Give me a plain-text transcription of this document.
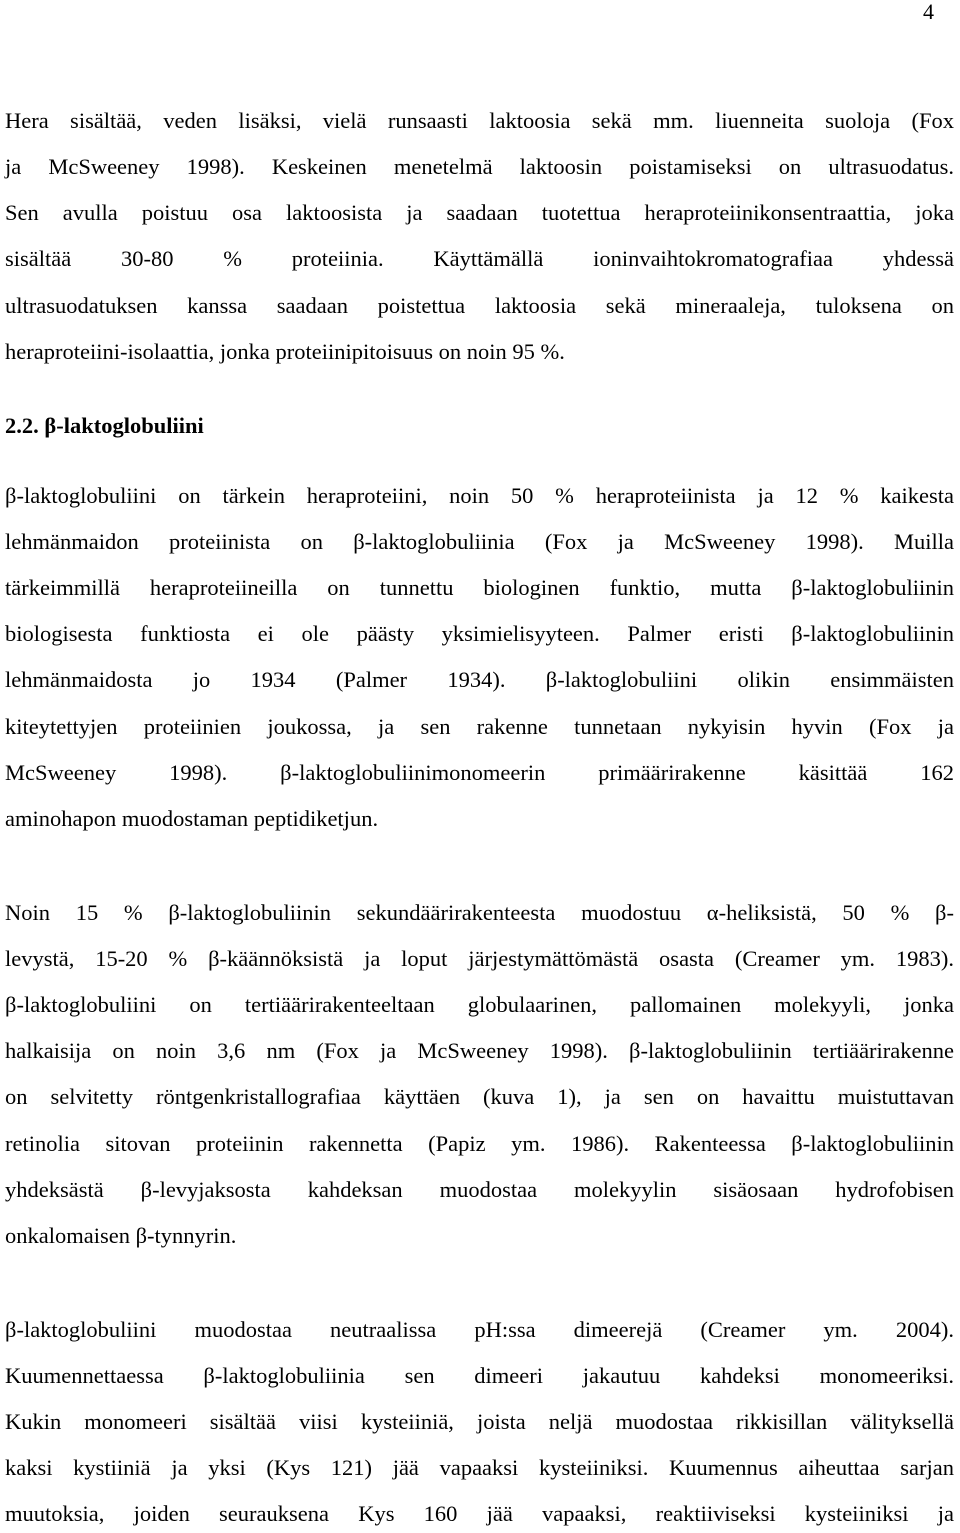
4
Hera sisältää, veden lisäksi, vielä runsaasti laktoosia sekä mm. liuenneita suoloja (Fox
ja McSweeney 1998). Keskeinen menetelmä laktoosin poistamiseksi on ultrasuodatus.
Sen avulla poistuu osa laktoosista ja saadaan tuotettua heraproteiinikonsentraattia, joka
sisältää 30-80 % proteiinia. Käyttämällä ioninvaihtokromatografiaa yhdessä
ultrasuodatuksen kanssa saadaan poistettua laktoosia sekä mineraaleja, tuloksena on
heraproteiini-isolaattia, jonka proteiinipitoisuus on noin 95 %.
2.2. β-laktoglobuliini
β-laktoglobuliini on tärkein heraproteiini, noin 50 % heraproteiinista ja 12 % kaikesta
lehmänmaidon proteiinista on β-laktoglobuliinia (Fox ja McSweeney 1998). Muilla
tärkeimmillä heraproteiineilla on tunnettu biologinen funktio, mutta β-laktoglobuliinin
biologisesta funktiosta ei ole päästy yksimielisyyteen. Palmer eristi β-laktoglobuliinin
lehmänmaidosta jo 1934 (Palmer 1934). β-laktoglobuliini olikin ensimmäisten
kiteytettyjen proteiinien joukossa, ja sen rakenne tunnetaan nykyisin hyvin (Fox ja
McSweeney 1998). β-laktoglobuliinimonomeerin primäärirakenne käsittää 162
aminohapon muodostaman peptidiketjun.
Noin 15 % β-laktoglobuliinin sekundäärirakenteesta muodostuu α-heliksistä, 50 % β-
levystä, 15-20 % β-käännöksistä ja loput järjestymättömästä osasta (Creamer ym. 1983).
β-laktoglobuliini on tertiäärirakenteeltaan globulaarinen, pallomainen molekyyli, jonka
halkaisija on noin 3,6 nm (Fox ja McSweeney 1998). β-laktoglobuliinin tertiäärirakenne
on selvitetty röntgenkristallografiaa käyttäen (kuva 1), ja sen on havaittu muistuttavan
retinolia sitovan proteiinin rakennetta (Papiz ym. 1986). Rakenteessa β-laktoglobuliinin
yhdeksästä β-levyjaksosta kahdeksan muodostaa molekyylin sisäosaan hydrofobisen
onkalomaisen β-tynnyrin.
β-laktoglobuliini muodostaa neutraalissa pH:ssa dimeerejä (Creamer ym. 2004).
Kuumennettaessa β-laktoglobuliinia sen dimeeri jakautuu kahdeksi monomeeriksi.
Kukin monomeeri sisältää viisi kysteiiniä, joista neljä muodostaa rikkisillan välityksellä
kaksi kystiiniä ja yksi (Kys 121) jää vapaaksi kysteiiniksi. Kuumennus aiheuttaa sarjan
muutoksia, joiden seurauksena Kys 160 jää vapaaksi, reaktiiviseksi kysteiiniksi ja
